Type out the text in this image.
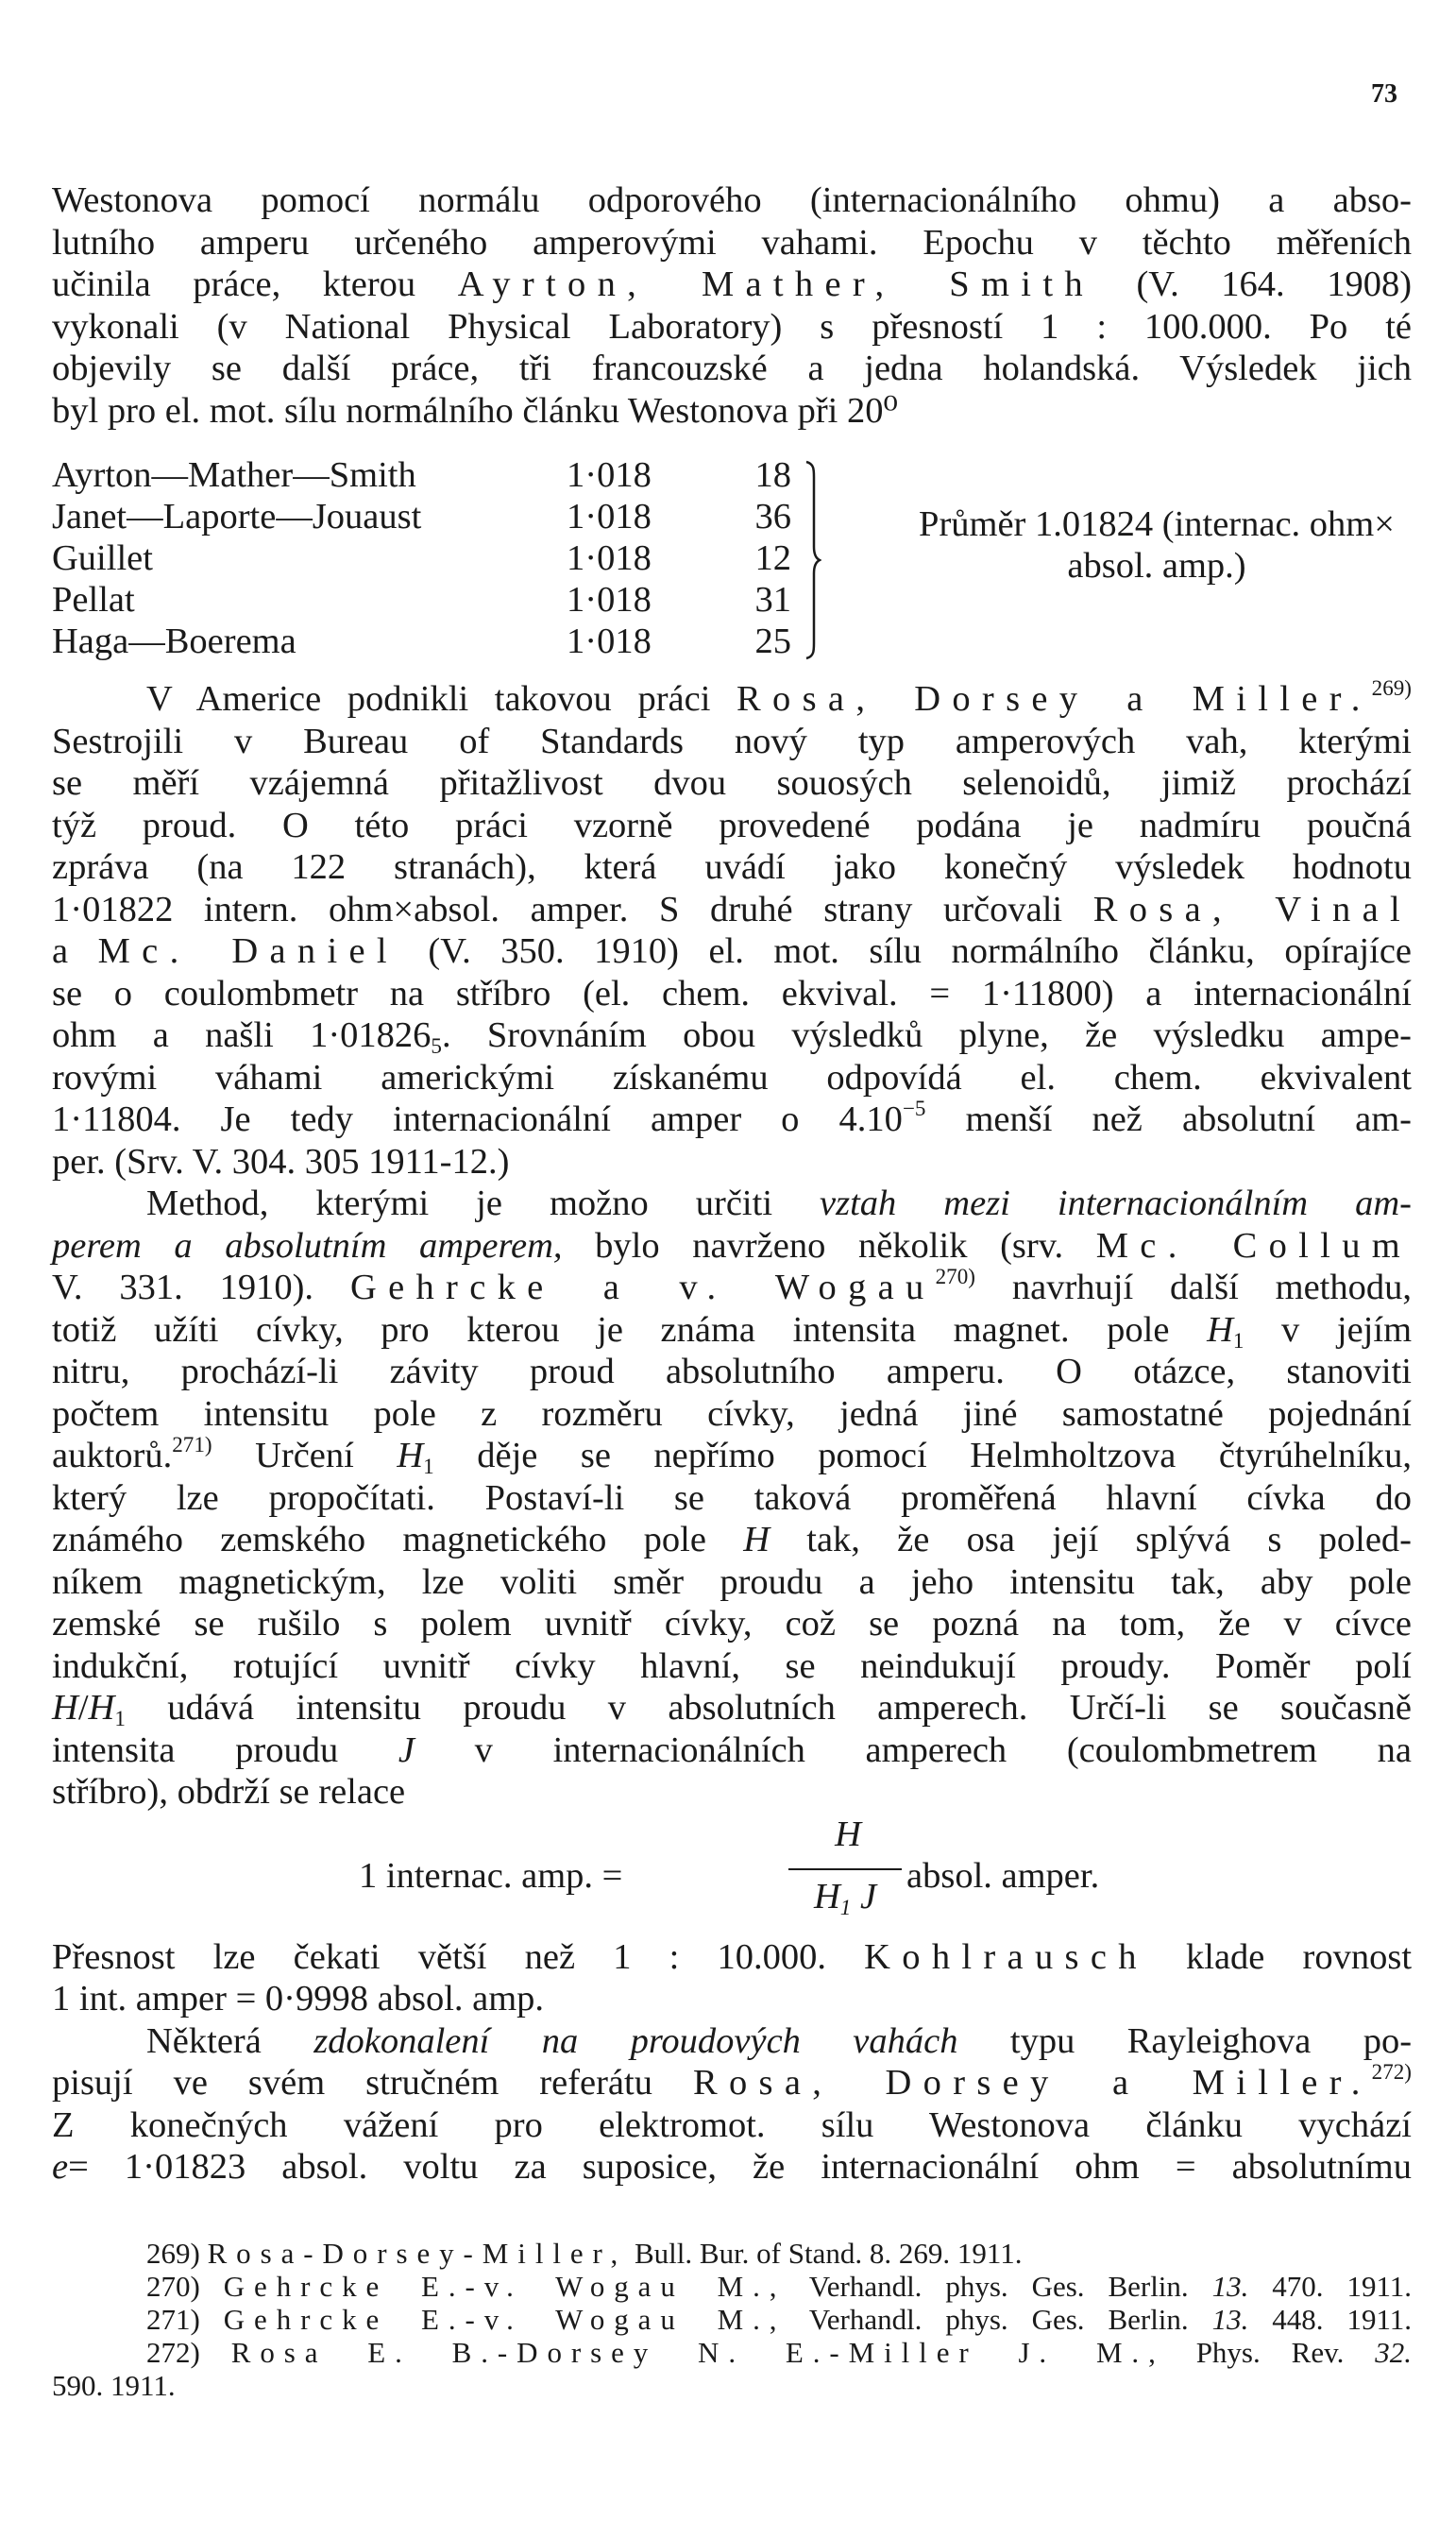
73

Westonova pomocí normálu odporového (internacionálního ohmu) a abso-

lutního amperu určeného amperovými vahami. Epochu v těchto měřeních

učinila práce, kterou Ayrton, Mather, Smith (V. 164. 1908)

vykonali (v National Physical Laboratory) s přesností 1 : 100.000. Po té

objevily se další práce, tři francouzské a jedna holandská. Výsledek jich

byl pro el. mot. sílu normálního článku Westonova při 20⁰

Ayrton—Mather—Smith	1·018	18
Janet—Laporte—Jouaust	1·018	36
Guillet	1·018	12
Pellat	1·018	31
Haga—Boerema	1·018	25
Průměr 1.01824 (internac. ohm×
absol. amp.)

V Americe podnikli takovou práci Rosa, Dorsey a Miller.$^{269)}$

Sestrojili v Bureau of Standards nový typ amperových vah, kterými

se měří vzájemná přitažlivost dvou souosých selenoidů, jimiž prochází

týž proud. O této práci vzorně provedené podána je nadmíru poučná

zpráva (na 122 stranách), která uvádí jako konečný výsledek hodnotu

1·01822 intern. ohm×absol. amper. S druhé strany určovali Rosa, Vinal

a Mc. Daniel (V. 350. 1910) el. mot. sílu normálního článku, opírajíce

se o coulombmetr na stříbro (el. chem. ekvival. = 1·11800) a internacionální

ohm a našli $1\cdot 01826_5$. Srovnáním obou výsledků plyne, že výsledku ampe-

rovými váhami americkými získanému odpovídá el. chem. ekvivalent

1·11804. Je tedy internacionální amper o $4.10^{-5}$ menší než absolutní am-

per. (Srv. V. 304. 305 1911-12.)

Method, kterými je možno určiti vztah mezi internacionálním am-

perem a absolutním amperem, bylo navrženo několik (srv. Mc. Collum

V. 331. 1910). Gehrcke a v. Wogau$^{270)}$ navrhují další methodu,

totiž užíti cívky, pro kterou je známa intensita magnet. pole $H_1$ v jejím

nitru, prochází-li závity proud absolutního amperu. O otázce, stanoviti

počtem intensitu pole z rozměru cívky, jedná jiné samostatné pojednání

auktorů.$^{271)}$ Určení $H_1$ děje se nepřímo pomocí Helmholtzova čtyrúhelníku,

který lze propočítati. Postaví-li se taková proměřená hlavní cívka do

známého zemského magnetického pole H tak, že osa její splývá s poled-

níkem magnetickým, lze voliti směr proudu a jeho intensitu tak, aby pole

zemské se rušilo s polem uvnitř cívky, což se pozná na tom, že v cívce

indukční, rotující uvnitř cívky hlavní, se neindukují proudy. Poměr polí

$H/H_1$ udává intensitu proudu v absolutních amperech. Určí-li se současně

intensita proudu J v internacionálních amperech (coulombmetrem na

stříbro), obdrží se relace

1 internac. amp. =
H
$H_1$ J
absol. amper.

Přesnost lze čekati větší než 1 : 10.000. Kohlrausch klade rovnost

1 int. amper = 0·9998 absol. amp.

Některá zdokonalení na proudových vahách typu Rayleighova po-

pisují ve svém stručném referátu Rosa, Dorsey a Miller.$^{272)}$

Z konečných vážení pro elektromot. sílu Westonova článku vychází

e= 1·01823 absol. voltu za suposice, že internacionální ohm = absolutnímu

269) Rosa-Dorsey-Miller, Bull. Bur. of Stand. 8. 269. 1911.

270) Gehrcke E.-v. Wogau M., Verhandl. phys. Ges. Berlin. 13. 470. 1911.

271) Gehrcke E.-v. Wogau M., Verhandl. phys. Ges. Berlin. 13. 448. 1911.

272) Rosa E. B.-Dorsey N. E.-Miller J. M., Phys. Rev. 32.

590. 1911.
